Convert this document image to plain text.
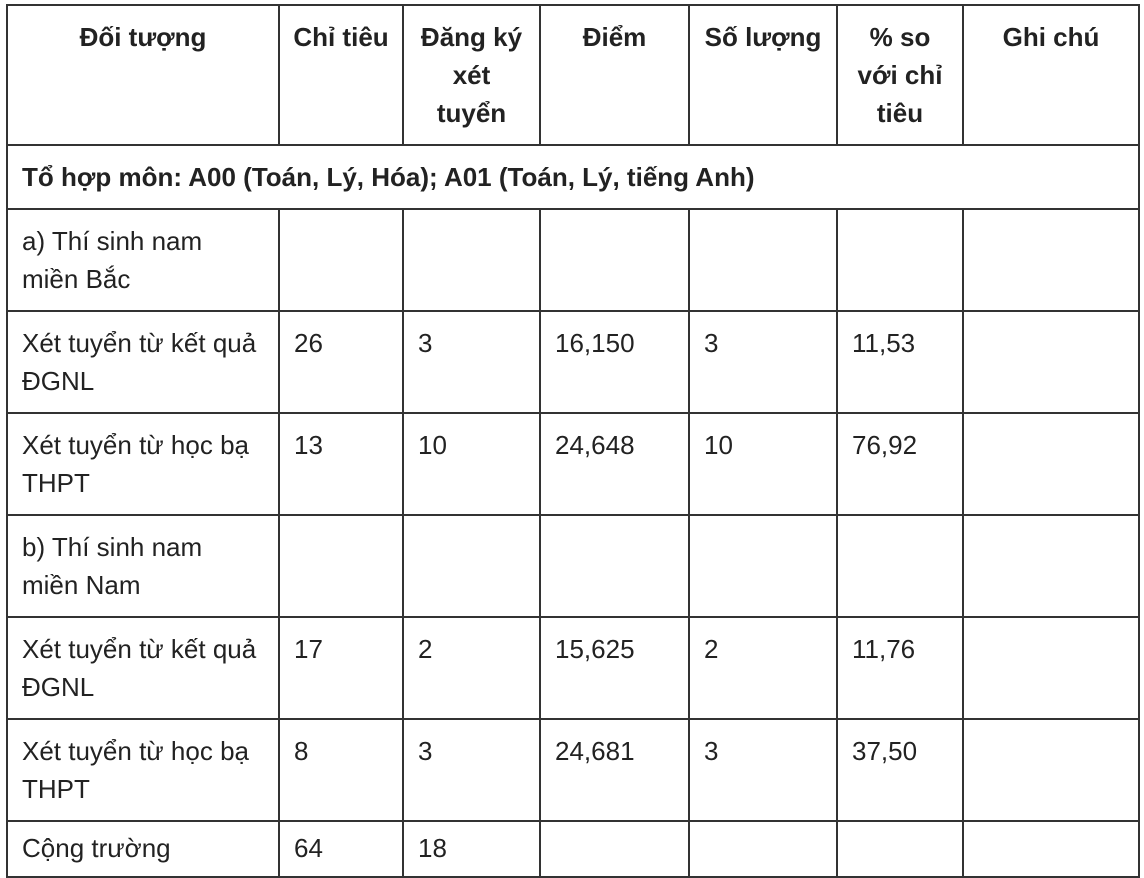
Đối tượng	Chỉ tiêu	Đăng ký xét tuyển	Điểm	Số lượng	% so với chỉ tiêu	Ghi chú
Tổ hợp môn: A00 (Toán, Lý, Hóa); A01 (Toán, Lý, tiếng Anh)						
a) Thí sinh nam miền Bắc						
Xét tuyển từ kết quả ĐGNL	26	3	16,150	3	11,53	
Xét tuyển từ học bạ THPT	13	10	24,648	10	76,92	
b) Thí sinh nam miền Nam						
Xét tuyển từ kết quả ĐGNL	17	2	15,625	2	11,76	
Xét tuyển từ học bạ THPT	8	3	24,681	3	37,50	
Cộng trường	64	18				
